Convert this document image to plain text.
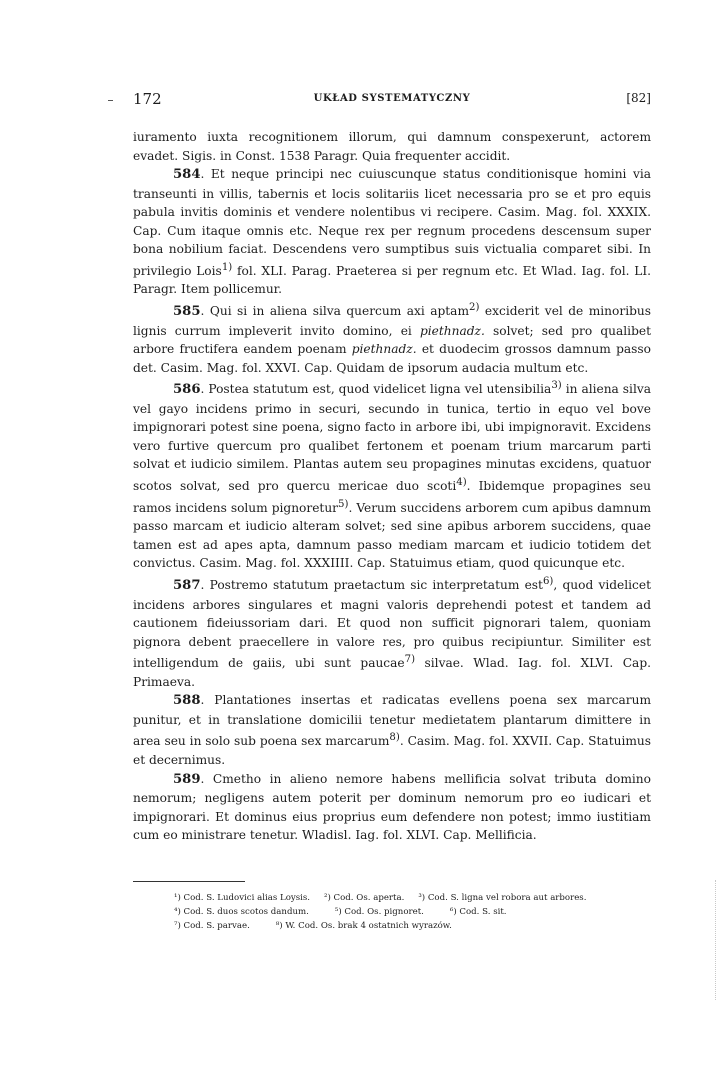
172	UKŁAD SYSTEMATYCZNY	[82]

iuramento iuxta recognitionem illorum, qui damnum conspexerunt, actorem evadet. Sigis. in Const. 1538 Paragr. Quia frequenter accidit.

584. Et neque principi nec cuiuscunque status conditionisque homini via transeunti in villis, tabernis et locis solitariis licet necessaria pro se et pro equis pabula invitis dominis et vendere nolentibus vi recipere. Casim. Mag. fol. XXXIX. Cap. Cum itaque omnis etc. Neque rex per regnum procedens descensum super bona nobilium faciat. Descendens vero sumptibus suis victualia comparet sibi. In privilegio Lois$^{1)}$ fol. XLI. Parag. Praeterea si per regnum etc. Et Wlad. Iag. fol. LI. Paragr. Item pollicemur.

585. Qui si in aliena silva quercum axi aptam$^{2)}$ exciderit vel de minoribus lignis currum impleverit invito domino, ei piethnadz. solvet; sed pro qualibet arbore fructifera eandem poenam piethnadz. et duodecim grossos damnum passo det. Casim. Mag. fol. XXVI. Cap. Quidam de ipsorum audacia multum etc.

586. Postea statutum est, quod videlicet ligna vel utensibilia$^{3)}$ in aliena silva vel gayo incidens primo in securi, secundo in tunica, tertio in equo vel bove impignorari potest sine poena, signo facto in arbore ibi, ubi impignoravit. Excidens vero furtive quercum pro qualibet fertonem et poenam trium marcarum parti solvat et iudicio similem. Plantas autem seu propagines minutas excidens, quatuor scotos solvat, sed pro quercu mericae duo scoti$^{4)}$. Ibidemque propagines seu ramos incidens solum pignoretur$^{5)}$. Verum succidens arborem cum apibus damnum passo marcam et iudicio alteram solvet; sed sine apibus arborem succidens, quae tamen est ad apes apta, damnum passo mediam marcam et iudicio totidem det convictus. Casim. Mag. fol. XXXIIII. Cap. Statuimus etiam, quod quicunque etc.

587. Postremo statutum praetactum sic interpretatum est$^{6)}$, quod videlicet incidens arbores singulares et magni valoris deprehendi potest et tandem ad cautionem fideiussoriam dari. Et quod non sufficit pignorari talem, quoniam pignora debent praecellere in valore res, pro quibus recipiuntur. Similiter est intelligendum de gaiis, ubi sunt paucae$^{7)}$ silvae. Wlad. Iag. fol. XLVI. Cap. Primaeva.

588. Plantationes insertas et radicatas evellens poena sex marcarum punitur, et in translatione domicilii tenetur medietatem plantarum dimittere in area seu in solo sub poena sex marcarum$^{8)}$. Casim. Mag. fol. XXVII. Cap. Statuimus et decernimus.

589. Cmetho in alieno nemore habens mellificia solvat tributa domino nemorum; negligens autem poterit per dominum nemorum pro eo iudicari et impignorari. Et dominus eius proprius eum defendere non potest; immo iustitiam cum eo ministrare tenetur. Wladisl. Iag. fol. XLVI. Cap. Mellificia.

¹) Cod. S. Ludovici alias Loysis. ²) Cod. Os. aperta. ³) Cod. S. ligna vel robora aut arbores.
⁴) Cod. S. duos scotos dandum.	⁵) Cod. Os. pignoret.	⁶) Cod. S. sit.
⁷) Cod. S. parvae.	⁸) W. Cod. Os. brak 4 ostatnich wyrazów.
